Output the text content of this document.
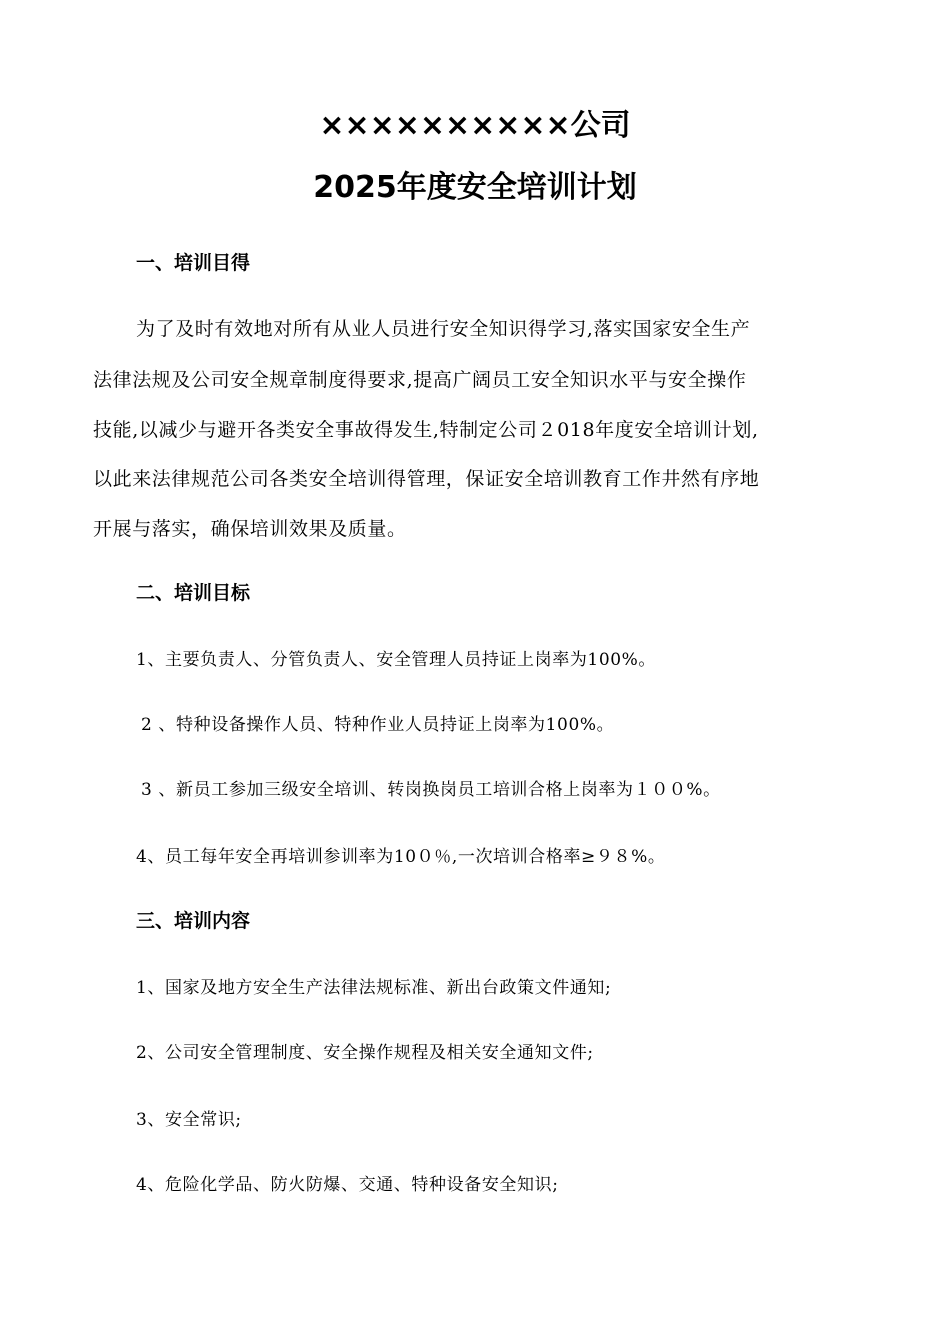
××××××××××公司
2025年度安全培训计划
一、培训目得
为了及时有效地对所有从业人员进行安全知识得学习,落实国家安全生产
法律法规及公司安全规章制度得要求,提高广阔员工安全知识水平与安全操作
技能,以减少与避开各类安全事故得发生,特制定公司２018年度安全培训计划,
以此来法律规范公司各类安全培训得管理，保证安全培训教育工作井然有序地
开展与落实，确保培训效果及质量。
二、培训目标
1、主要负责人、分管负责人、安全管理人员持证上岗率为100%。
2 、特种设备操作人员、特种作业人员持证上岗率为100%。
3 、新员工参加三级安全培训、转岗换岗员工培训合格上岗率为１００%。
4、员工每年安全再培训参训率为10０％,一次培训合格率≥９８%。
三、培训内容
1、国家及地方安全生产法律法规标准、新出台政策文件通知;
2、公司安全管理制度、安全操作规程及相关安全通知文件;
3、安全常识;
4、危险化学品、防火防爆、交通、特种设备安全知识;
